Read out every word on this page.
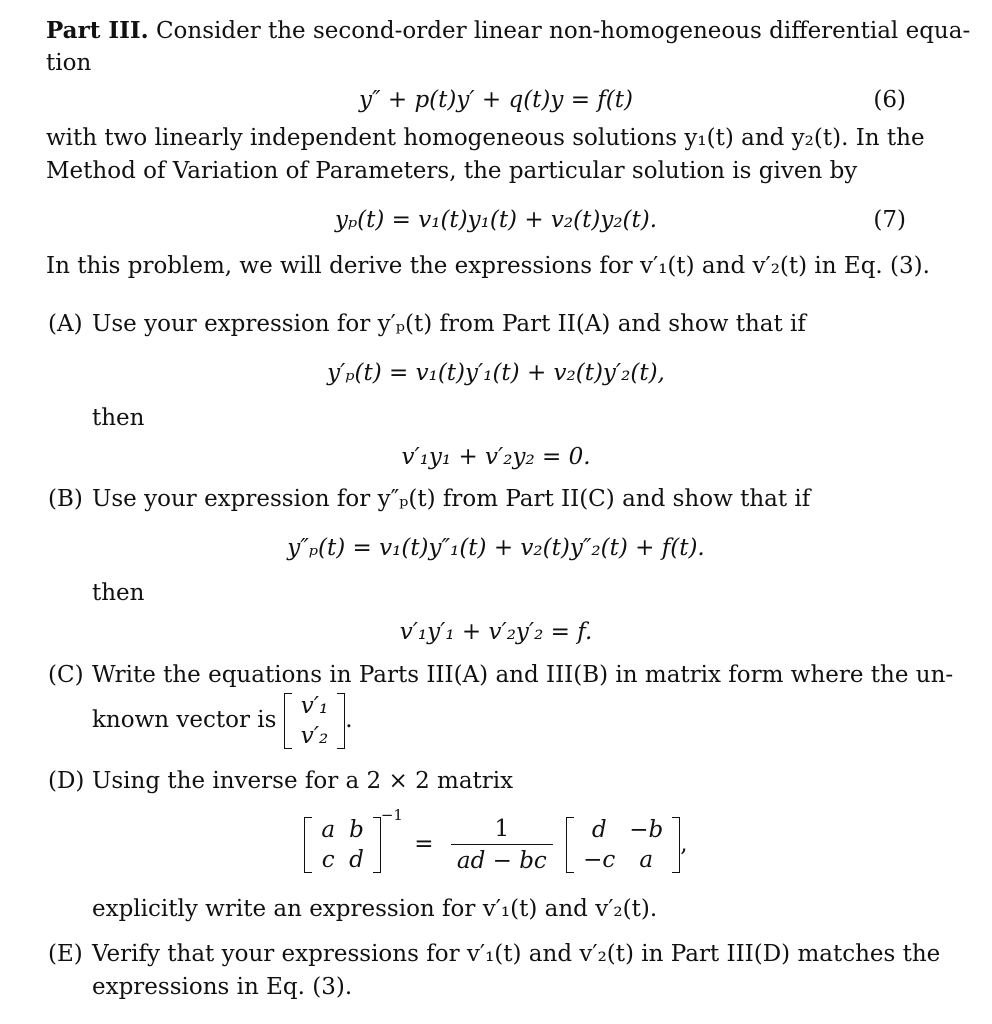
Part III. Consider the second-order linear non-homogeneous differential equa-
tion
y″ + p(t)y′ + q(t)y = f(t)	(6)
with two linearly independent homogeneous solutions y₁(t) and y₂(t). In the
Method of Variation of Parameters, the particular solution is given by
yₚ(t) = v₁(t)y₁(t) + v₂(t)y₂(t).	(7)
In this problem, we will derive the expressions for v′₁(t) and v′₂(t) in Eq. (3).
(A) Use your expression for y′ₚ(t) from Part II(A) and show that if
y′ₚ(t) = v₁(t)y′₁(t) + v₂(t)y′₂(t),
then
v′₁y₁ + v′₂y₂ = 0.
(B) Use your expression for y″ₚ(t) from Part II(C) and show that if
y″ₚ(t) = v₁(t)y″₁(t) + v₂(t)y″₂(t) + f(t).
then
v′₁y′₁ + v′₂y′₂ = f.
(C) Write the equations in Parts III(A) and III(B) in matrix form where the un-
known vector is
v′₁
v′₂
.
(D) Using the inverse for a 2 × 2 matrix
a	b
c	d
$^{-1} = \frac{1}{ad - bc}$
d	−b
−c	a
,
explicitly write an expression for v′₁(t) and v′₂(t).
(E) Verify that your expressions for v′₁(t) and v′₂(t) in Part III(D) matches the
expressions in Eq. (3).
